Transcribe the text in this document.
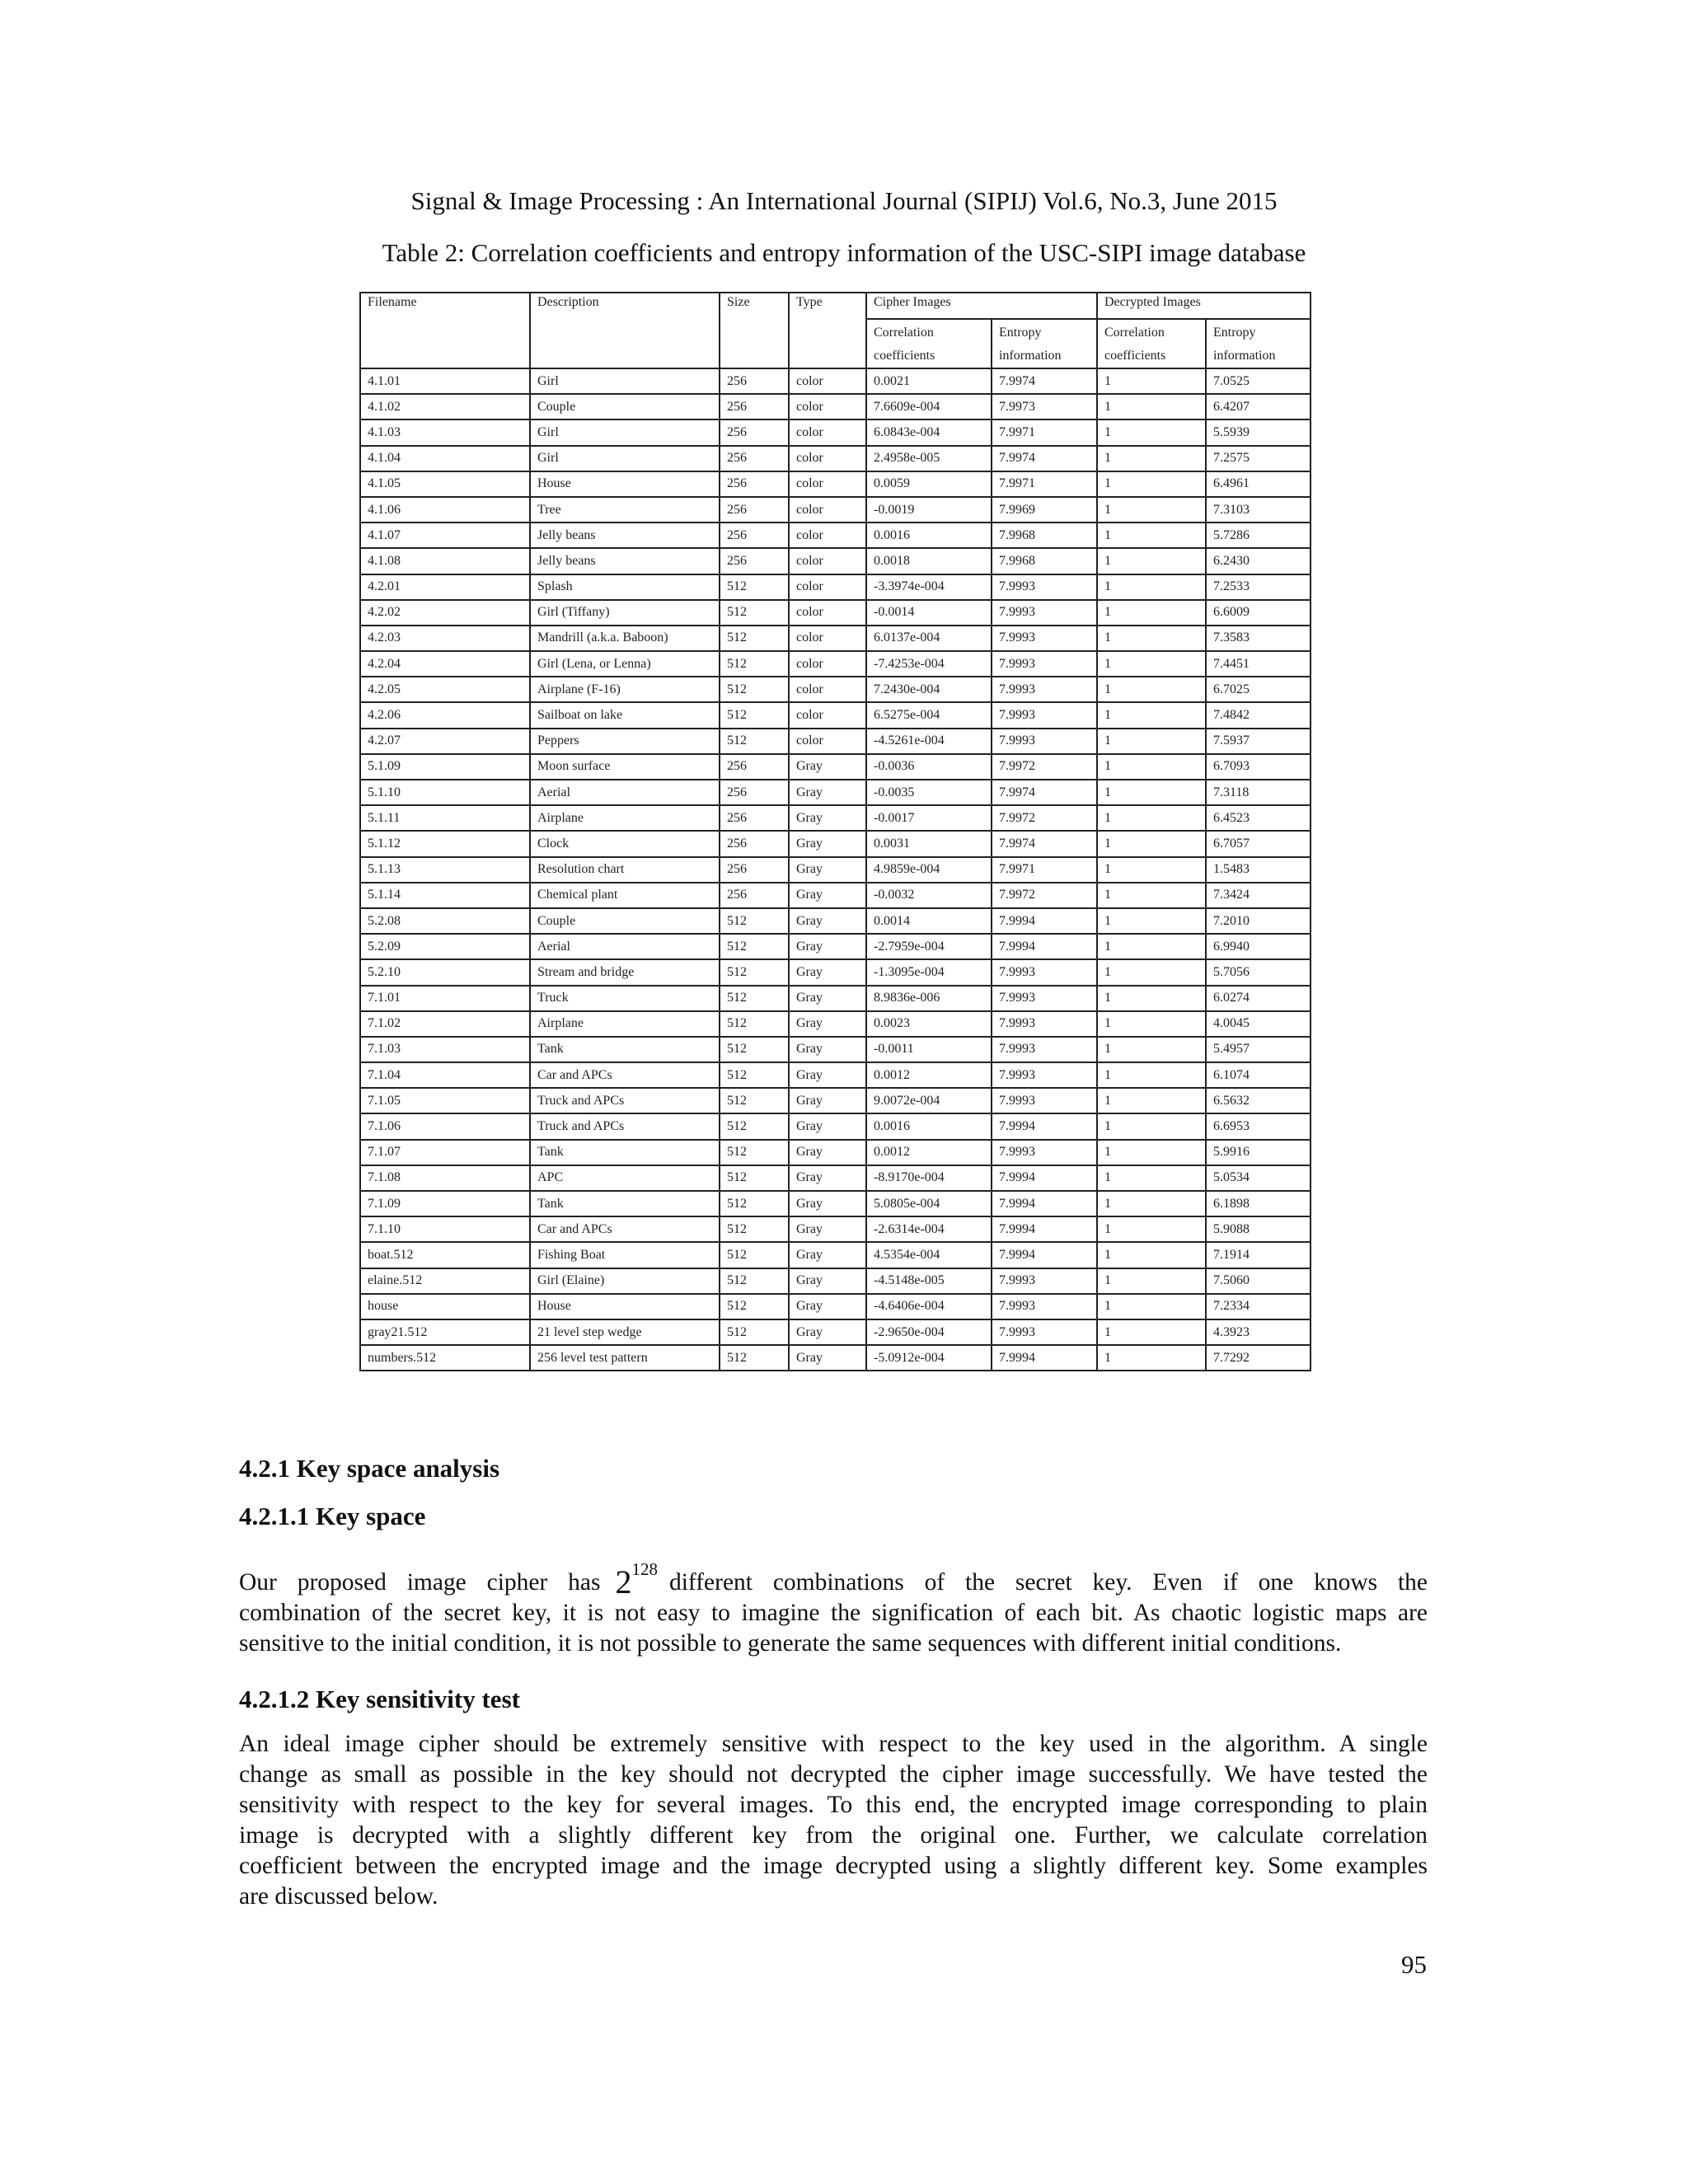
Signal & Image Processing : An International Journal (SIPIJ) Vol.6, No.3, June 2015
Table 2: Correlation coefficients and entropy information of the USC-SIPI image database
Filename	Description	Size	Type	Cipher Images		Decrypted Images	
				Correlation coefficients	Entropy information	Correlation coefficients	Entropy information
4.1.01	Girl	256	color	0.0021	7.9974	1	7.0525
4.1.02	Couple	256	color	7.6609e-004	7.9973	1	6.4207
4.1.03	Girl	256	color	6.0843e-004	7.9971	1	5.5939
4.1.04	Girl	256	color	2.4958e-005	7.9974	1	7.2575
4.1.05	House	256	color	0.0059	7.9971	1	6.4961
4.1.06	Tree	256	color	-0.0019	7.9969	1	7.3103
4.1.07	Jelly beans	256	color	0.0016	7.9968	1	5.7286
4.1.08	Jelly beans	256	color	0.0018	7.9968	1	6.2430
4.2.01	Splash	512	color	-3.3974e-004	7.9993	1	7.2533
4.2.02	Girl (Tiffany)	512	color	-0.0014	7.9993	1	6.6009
4.2.03	Mandrill (a.k.a. Baboon)	512	color	6.0137e-004	7.9993	1	7.3583
4.2.04	Girl (Lena, or Lenna)	512	color	-7.4253e-004	7.9993	1	7.4451
4.2.05	Airplane (F-16)	512	color	7.2430e-004	7.9993	1	6.7025
4.2.06	Sailboat on lake	512	color	6.5275e-004	7.9993	1	7.4842
4.2.07	Peppers	512	color	-4.5261e-004	7.9993	1	7.5937
5.1.09	Moon surface	256	Gray	-0.0036	7.9972	1	6.7093
5.1.10	Aerial	256	Gray	-0.0035	7.9974	1	7.3118
5.1.11	Airplane	256	Gray	-0.0017	7.9972	1	6.4523
5.1.12	Clock	256	Gray	0.0031	7.9974	1	6.7057
5.1.13	Resolution chart	256	Gray	4.9859e-004	7.9971	1	1.5483
5.1.14	Chemical plant	256	Gray	-0.0032	7.9972	1	7.3424
5.2.08	Couple	512	Gray	0.0014	7.9994	1	7.2010
5.2.09	Aerial	512	Gray	-2.7959e-004	7.9994	1	6.9940
5.2.10	Stream and bridge	512	Gray	-1.3095e-004	7.9993	1	5.7056
7.1.01	Truck	512	Gray	8.9836e-006	7.9993	1	6.0274
7.1.02	Airplane	512	Gray	0.0023	7.9993	1	4.0045
7.1.03	Tank	512	Gray	-0.0011	7.9993	1	5.4957
7.1.04	Car and APCs	512	Gray	0.0012	7.9993	1	6.1074
7.1.05	Truck and APCs	512	Gray	9.0072e-004	7.9993	1	6.5632
7.1.06	Truck and APCs	512	Gray	0.0016	7.9994	1	6.6953
7.1.07	Tank	512	Gray	0.0012	7.9993	1	5.9916
7.1.08	APC	512	Gray	-8.9170e-004	7.9994	1	5.0534
7.1.09	Tank	512	Gray	5.0805e-004	7.9994	1	6.1898
7.1.10	Car and APCs	512	Gray	-2.6314e-004	7.9994	1	5.9088
boat.512	Fishing Boat	512	Gray	4.5354e-004	7.9994	1	7.1914
elaine.512	Girl (Elaine)	512	Gray	-4.5148e-005	7.9993	1	7.5060
house	House	512	Gray	-4.6406e-004	7.9993	1	7.2334
gray21.512	21 level step wedge	512	Gray	-2.9650e-004	7.9993	1	4.3923
numbers.512	256 level test pattern	512	Gray	-5.0912e-004	7.9994	1	7.7292
4.2.1 Key space analysis
4.2.1.1 Key space
Our proposed image cipher has $2^{128}$ different combinations of the secret key. Even if one knows the
combination of the secret key, it is not easy to imagine the signification of each bit. As chaotic logistic maps are
sensitive to the initial condition, it is not possible to generate the same sequences with different initial conditions.
4.2.1.2 Key sensitivity test
An ideal image cipher should be extremely sensitive with respect to the key used in the algorithm. A single
change as small as possible in the key should not decrypted the cipher image successfully. We have tested the
sensitivity with respect to the key for several images. To this end, the encrypted image corresponding to plain
image is decrypted with a slightly different key from the original one. Further, we calculate correlation
coefficient between the encrypted image and the image decrypted using a slightly different key. Some examples
are discussed below.
95
